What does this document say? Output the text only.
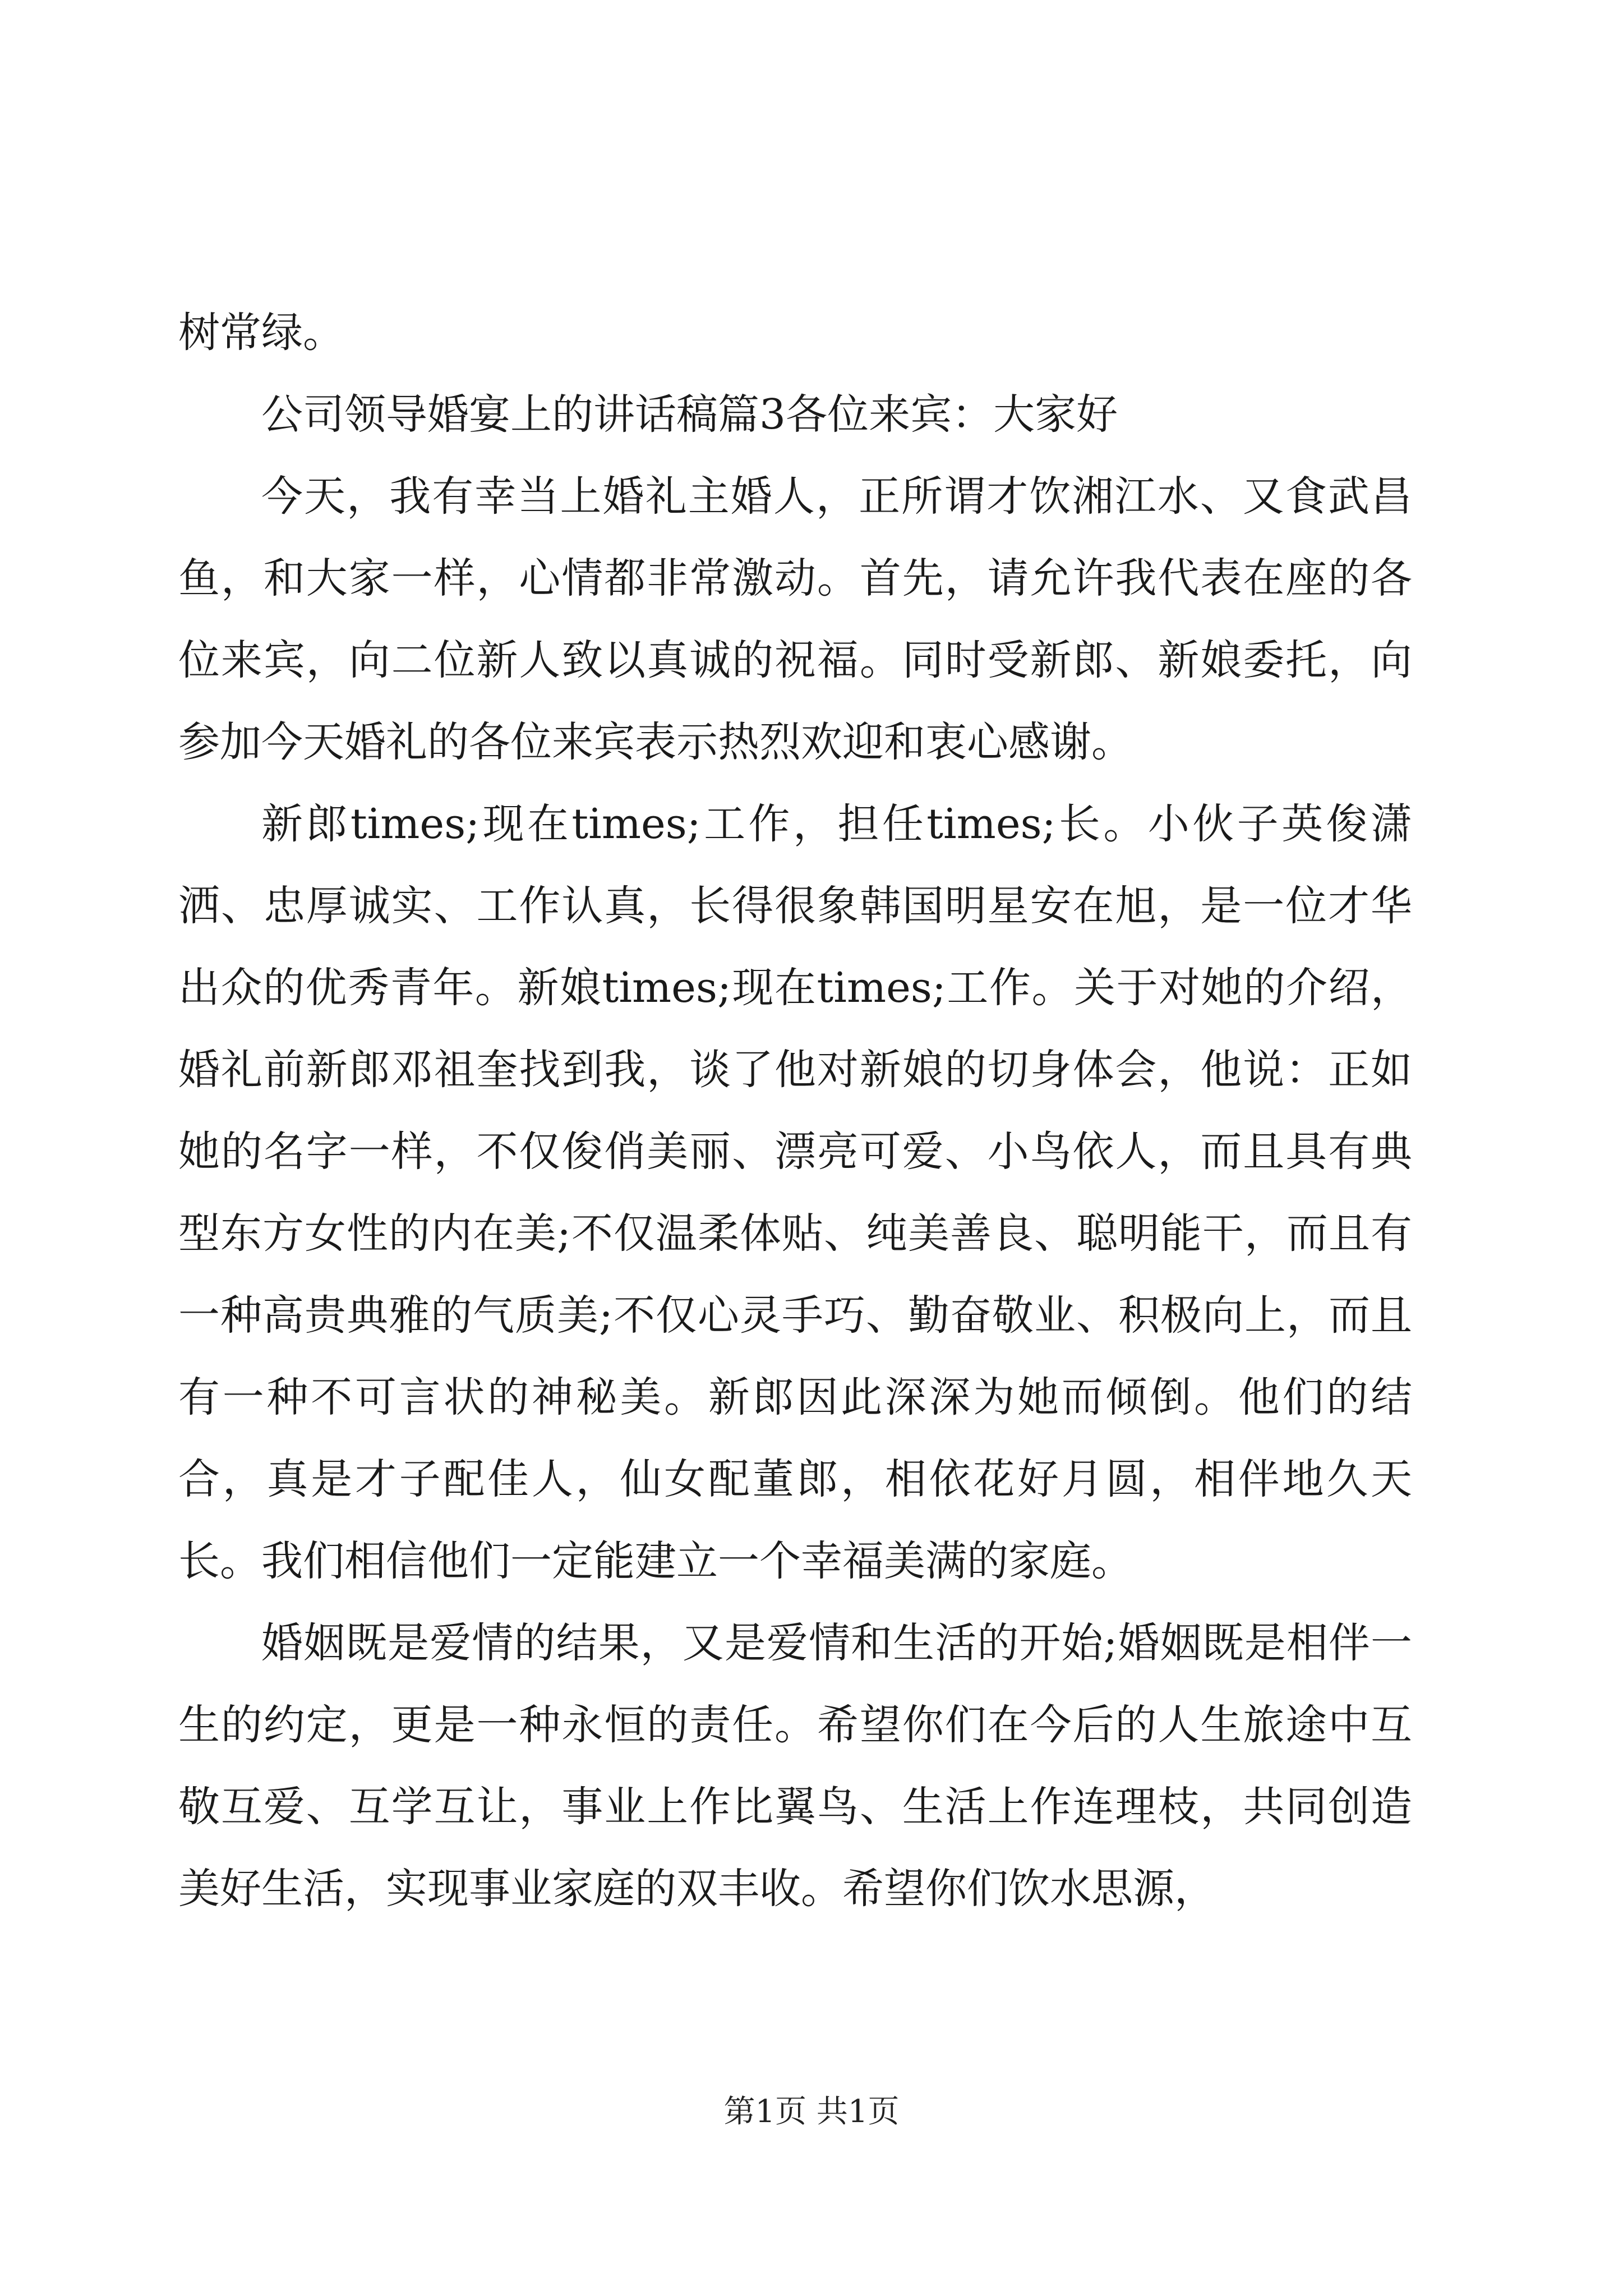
树常绿。

公司领导婚宴上的讲话稿篇3各位来宾：大家好

今天，我有幸当上婚礼主婚人，正所谓才饮湘江水、又食武昌鱼，和大家一样，心情都非常激动。首先，请允许我代表在座的各位来宾，向二位新人致以真诚的祝福。同时受新郎、新娘委托，向参加今天婚礼的各位来宾表示热烈欢迎和衷心感谢。

新郎times;现在times;工作，担任times;长。小伙子英俊潇洒、忠厚诚实、工作认真，长得很象韩国明星安在旭，是一位才华出众的优秀青年。新娘times;现在times;工作。关于对她的介绍，婚礼前新郎邓祖奎找到我，谈了他对新娘的切身体会，他说：正如她的名字一样，不仅俊俏美丽、漂亮可爱、小鸟依人，而且具有典型东方女性的内在美;不仅温柔体贴、纯美善良、聪明能干，而且有一种高贵典雅的气质美;不仅心灵手巧、勤奋敬业、积极向上，而且有一种不可言状的神秘美。新郎因此深深为她而倾倒。他们的结合，真是才子配佳人，仙女配董郎，相依花好月圆，相伴地久天长。我们相信他们一定能建立一个幸福美满的家庭。

婚姻既是爱情的结果，又是爱情和生活的开始;婚姻既是相伴一生的约定，更是一种永恒的责任。希望你们在今后的人生旅途中互敬互爱、互学互让，事业上作比翼鸟、生活上作连理枝，共同创造美好生活，实现事业家庭的双丰收。希望你们饮水思源，

第1页 共1页
